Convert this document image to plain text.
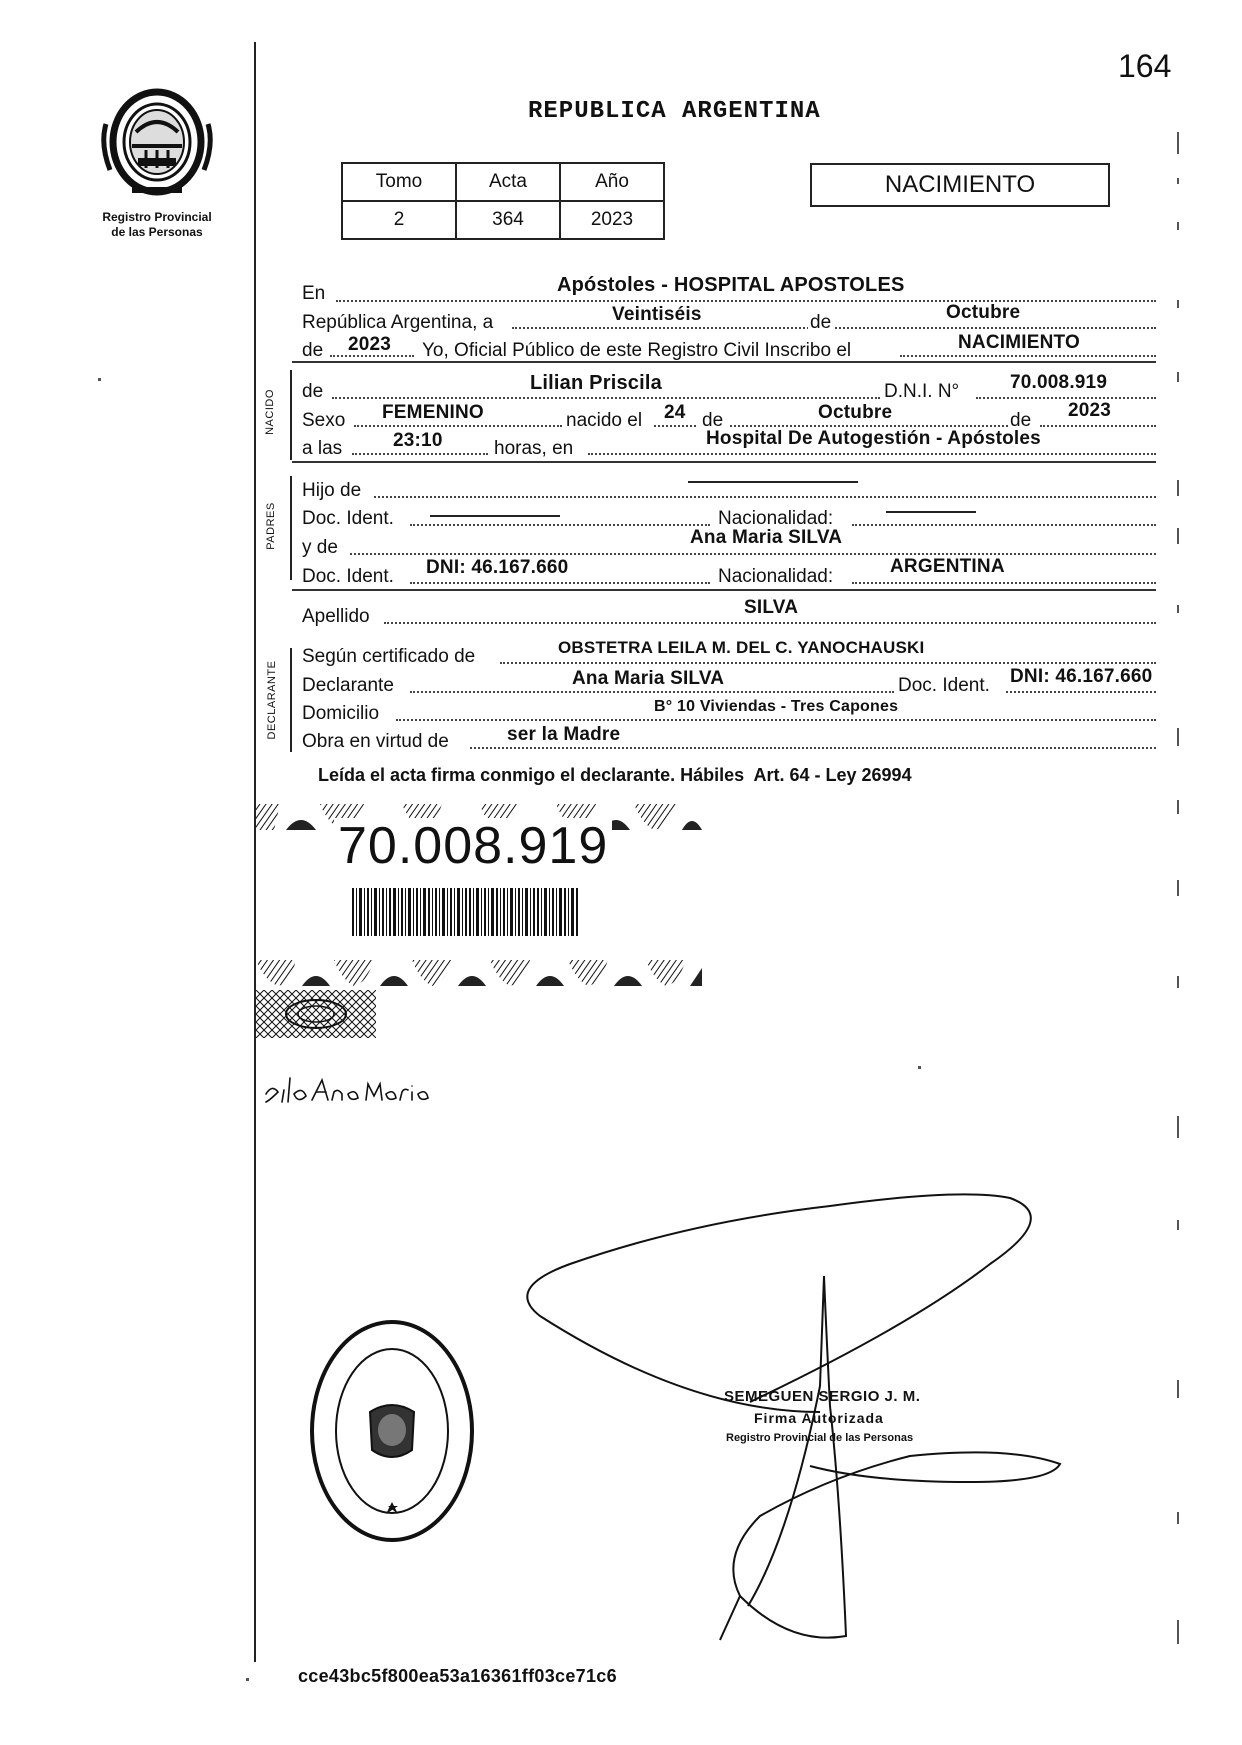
164
Registro Provincial
de las Personas
REPUBLICA ARGENTINA
Tomo	Acta	Año
2	364	2023
NACIMIENTO
En	Apóstoles - HOSPITAL APOSTOLES
República Argentina, a	Veintiséis	de	Octubre
de 2023 Yo, Oficial Público de este Registro Civil Inscribo el	NACIMIENTO
NACIDO de	Lilian Priscila	D.N.I. N°	70.008.919
Sexo FEMENINO	nacido el 24 de	Octubre	de 2023
a las	23:10	horas, en	Hospital De Autogestión - Apóstoles
PADRES
Hijo de
Doc. Ident.	Nacionalidad:
y de	Ana Maria SILVA
Doc. Ident. DNI: 46.167.660	Nacionalidad:	ARGENTINA
Apellido	SILVA
DECLARANTE
Según certificado de	OBSTETRA LEILA M. DEL C. YANOCHAUSKI
Declarante	Ana Maria SILVA	Doc. Ident. DNI: 46.167.660
Domicilio	B° 10 Viviendas - Tres Capones
Obra en virtud de	ser la Madre
Leída el acta firma conmigo el declarante. Hábiles  Art. 64 - Ley 26994
70.008.919
SEMEGUEN SERGIO J. M.
Firma Autorizada
Registro Provincial de las Personas
cce43bc5f800ea53a16361ff03ce71c6
